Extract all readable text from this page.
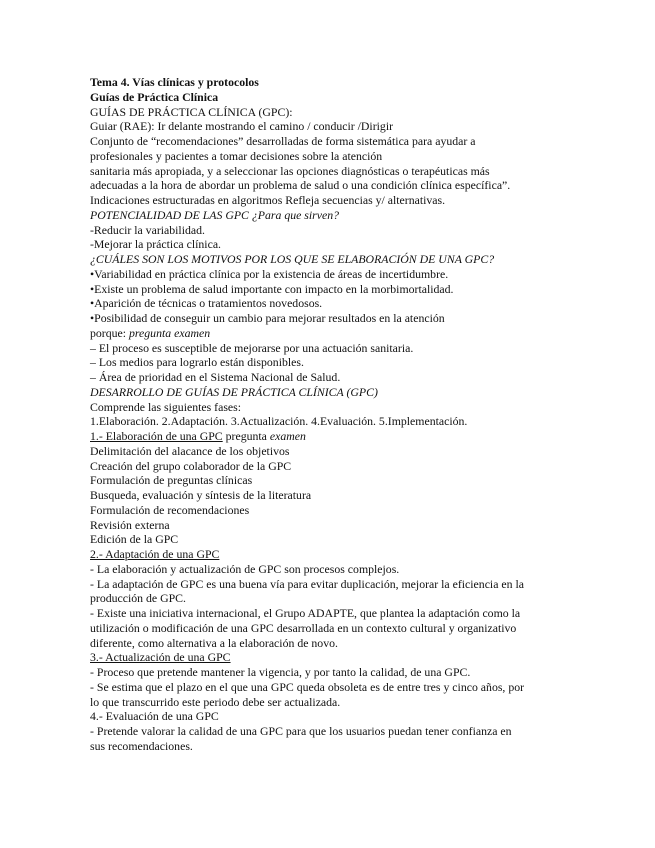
Tema 4. Vías clínicas y protocolos
Guías de Práctica Clínica
GUÍAS DE PRÁCTICA CLÍNICA (GPC):
Guiar (RAE): Ir delante mostrando el camino / conducir /Dirigir
Conjunto de “recomendaciones” desarrolladas de forma sistemática para ayudar a
profesionales y pacientes a tomar decisiones sobre la atención
sanitaria más apropiada, y a seleccionar las opciones diagnósticas o terapéuticas más
adecuadas a la hora de abordar un problema de salud o una condición clínica específica”.
Indicaciones estructuradas en algoritmos Refleja secuencias y/ alternativas.
POTENCIALIDAD DE LAS GPC ¿Para que sirven?
-Reducir la variabilidad.
-Mejorar la práctica clínica.
¿CUÁLES SON LOS MOTIVOS POR LOS QUE SE ELABORACIÓN DE UNA GPC?
•Variabilidad en práctica clínica por la existencia de áreas de incertidumbre.
•Existe un problema de salud importante con impacto en la morbimortalidad.
•Aparición de técnicas o tratamientos novedosos.
•Posibilidad de conseguir un cambio para mejorar resultados en la atención
porque: pregunta examen
– El proceso es susceptible de mejorarse por una actuación sanitaria.
– Los medios para lograrlo están disponibles.
– Área de prioridad en el Sistema Nacional de Salud.
DESARROLLO DE GUÍAS DE PRÁCTICA CLÍNICA (GPC)
Comprende las siguientes fases:
1.Elaboración. 2.Adaptación. 3.Actualización. 4.Evaluación. 5.Implementación.
1.- Elaboración de una GPC pregunta examen
Delimitación del alacance de los objetivos
Creación del grupo colaborador de la GPC
Formulación de preguntas clínicas
Busqueda, evaluación y síntesis de la literatura
Formulación de recomendaciones
Revisión externa
Edición de la GPC
2.- Adaptación de una GPC
- La elaboración y actualización de GPC son procesos complejos.
- La adaptación de GPC es una buena vía para evitar duplicación, mejorar la eficiencia en la
producción de GPC.
- Existe una iniciativa internacional, el Grupo ADAPTE, que plantea la adaptación como la
utilización o modificación de una GPC desarrollada en un contexto cultural y organizativo
diferente, como alternativa a la elaboración de novo.
3.- Actualización de una GPC
- Proceso que pretende mantener la vigencia, y por tanto la calidad, de una GPC.
- Se estima que el plazo en el que una GPC queda obsoleta es de entre tres y cinco años, por
lo que transcurrido este periodo debe ser actualizada.
4.- Evaluación de una GPC
- Pretende valorar la calidad de una GPC para que los usuarios puedan tener confianza en
sus recomendaciones.
